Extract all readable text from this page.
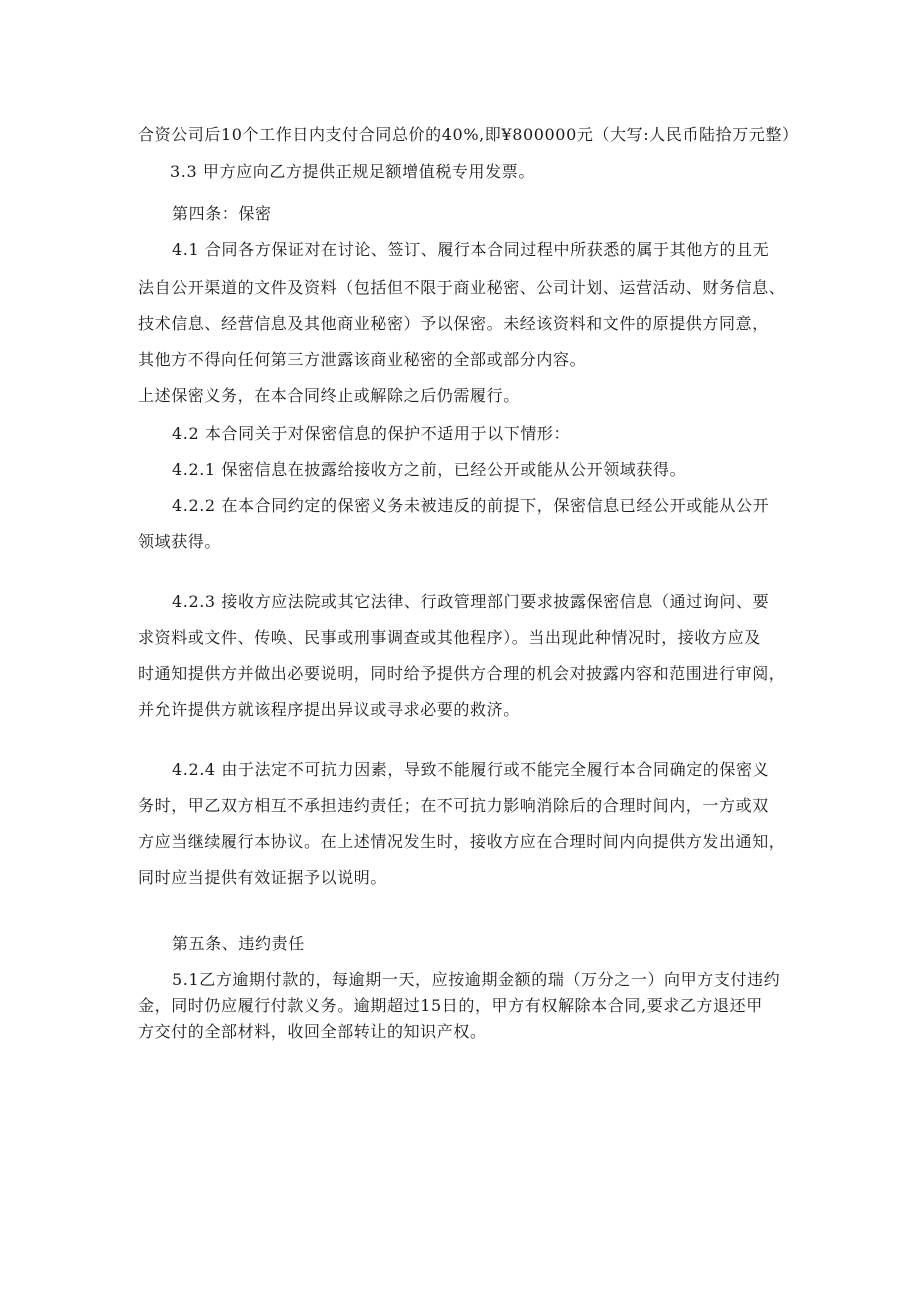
合资公司后10个工作日内支付合同总价的40%,即¥800000元（大写:人民币陆拾万元整）
3.3 甲方应向乙方提供正规足额增值税专用发票。
第四条：保密
4.1 合同各方保证对在讨论、签订、履行本合同过程中所获悉的属于其他方的且无
法自公开渠道的文件及资料（包括但不限于商业秘密、公司计划、运营活动、财务信息、
技术信息、经营信息及其他商业秘密）予以保密。未经该资料和文件的原提供方同意，
其他方不得向任何第三方泄露该商业秘密的全部或部分内容。
上述保密义务，在本合同终止或解除之后仍需履行。
4.2 本合同关于对保密信息的保护不适用于以下情形：
4.2.1 保密信息在披露给接收方之前，已经公开或能从公开领域获得。
4.2.2 在本合同约定的保密义务未被违反的前提下，保密信息已经公开或能从公开
领域获得。
4.2.3 接收方应法院或其它法律、行政管理部门要求披露保密信息（通过询问、要
求资料或文件、传唤、民事或刑事调查或其他程序）。当出现此种情况时，接收方应及
时通知提供方并做出必要说明，同时给予提供方合理的机会对披露内容和范围进行审阅，
并允许提供方就该程序提出异议或寻求必要的救济。
4.2.4 由于法定不可抗力因素，导致不能履行或不能完全履行本合同确定的保密义
务时，甲乙双方相互不承担违约责任；在不可抗力影响消除后的合理时间内，一方或双
方应当继续履行本协议。在上述情况发生时，接收方应在合理时间内向提供方发出通知，
同时应当提供有效证据予以说明。
第五条、违约责任
5.1乙方逾期付款的，每逾期一天，应按逾期金额的瑞（万分之一）向甲方支付违约
金，同时仍应履行付款义务。逾期超过15日的，甲方有权解除本合同,要求乙方退还甲
方交付的全部材料，收回全部转让的知识产权。
